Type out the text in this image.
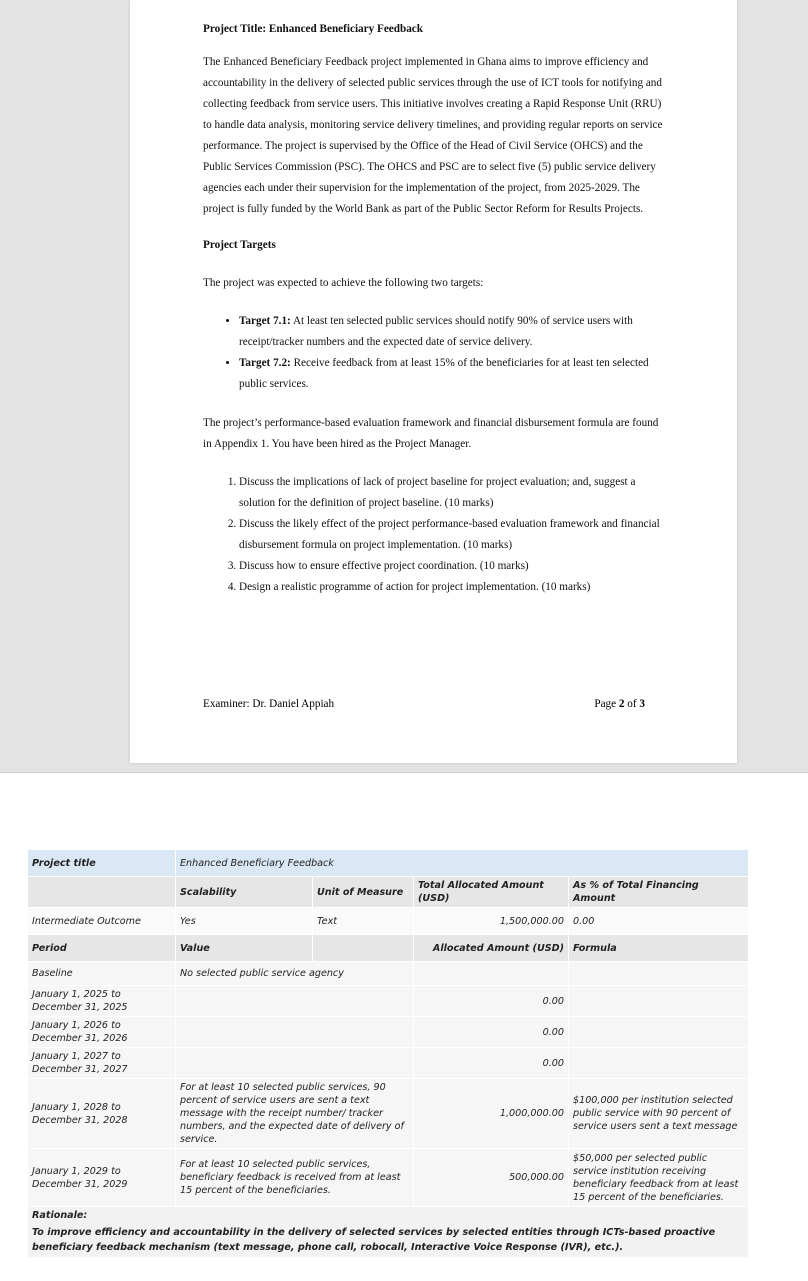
Project Title: Enhanced Beneficiary Feedback

The Enhanced Beneficiary Feedback project implemented in Ghana aims to improve efficiency and accountability in the delivery of selected public services through the use of ICT tools for notifying and collecting feedback from service users. This initiative involves creating a Rapid Response Unit (RRU) to handle data analysis, monitoring service delivery timelines, and providing regular reports on service performance. The project is supervised by the Office of the Head of Civil Service (OHCS) and the Public Services Commission (PSC). The OHCS and PSC are to select five (5) public service delivery agencies each under their supervision for the implementation of the project, from 2025-2029. The project is fully funded by the World Bank as part of the Public Sector Reform for Results Projects.

Project Targets

The project was expected to achieve the following two targets:

• Target 7.1: At least ten selected public services should notify 90% of service users with receipt/tracker numbers and the expected date of service delivery.
• Target 7.2: Receive feedback from at least 15% of the beneficiaries for at least ten selected public services.

The project’s performance-based evaluation framework and financial disbursement formula are found in Appendix 1. You have been hired as the Project Manager.

1. Discuss the implications of lack of project baseline for project evaluation; and, suggest a solution for the definition of project baseline. (10 marks)
2. Discuss the likely effect of the project performance-based evaluation framework and financial disbursement formula on project implementation. (10 marks)
3. Discuss how to ensure effective project coordination. (10 marks)
4. Design a realistic programme of action for project implementation. (10 marks)
Examiner: Dr. Daniel Appiah	Page 2 of 3
Project title	Enhanced Beneficiary Feedback			
	Scalability	Unit of Measure	Total Allocated Amount (USD)	As % of Total Financing Amount
Intermediate Outcome	Yes	Text	1,500,000.00	0.00
Period	Value		Allocated Amount (USD)	Formula
Baseline	No selected public service agency			
January 1, 2025 to December 31, 2025			0.00	
January 1, 2026 to December 31, 2026			0.00	
January 1, 2027 to December 31, 2027			0.00	
January 1, 2028 to December 31, 2028	For at least 10 selected public services, 90 percent of service users are sent a text message with the receipt number/ tracker numbers, and the expected date of delivery of service.		1,000,000.00	$100,000 per institution selected public service with 90 percent of service users sent a text message
January 1, 2029 to December 31, 2029	For at least 10 selected public services, beneficiary feedback is received from at least 15 percent of the beneficiaries.		500,000.00	$50,000 per selected public service institution receiving beneficiary feedback from at least 15 percent of the beneficiaries.

Rationale:
To improve efficiency and accountability in the delivery of selected services by selected entities through ICTs-based proactive beneficiary feedback mechanism (text message, phone call, robocall, Interactive Voice Response (IVR), etc.).				
